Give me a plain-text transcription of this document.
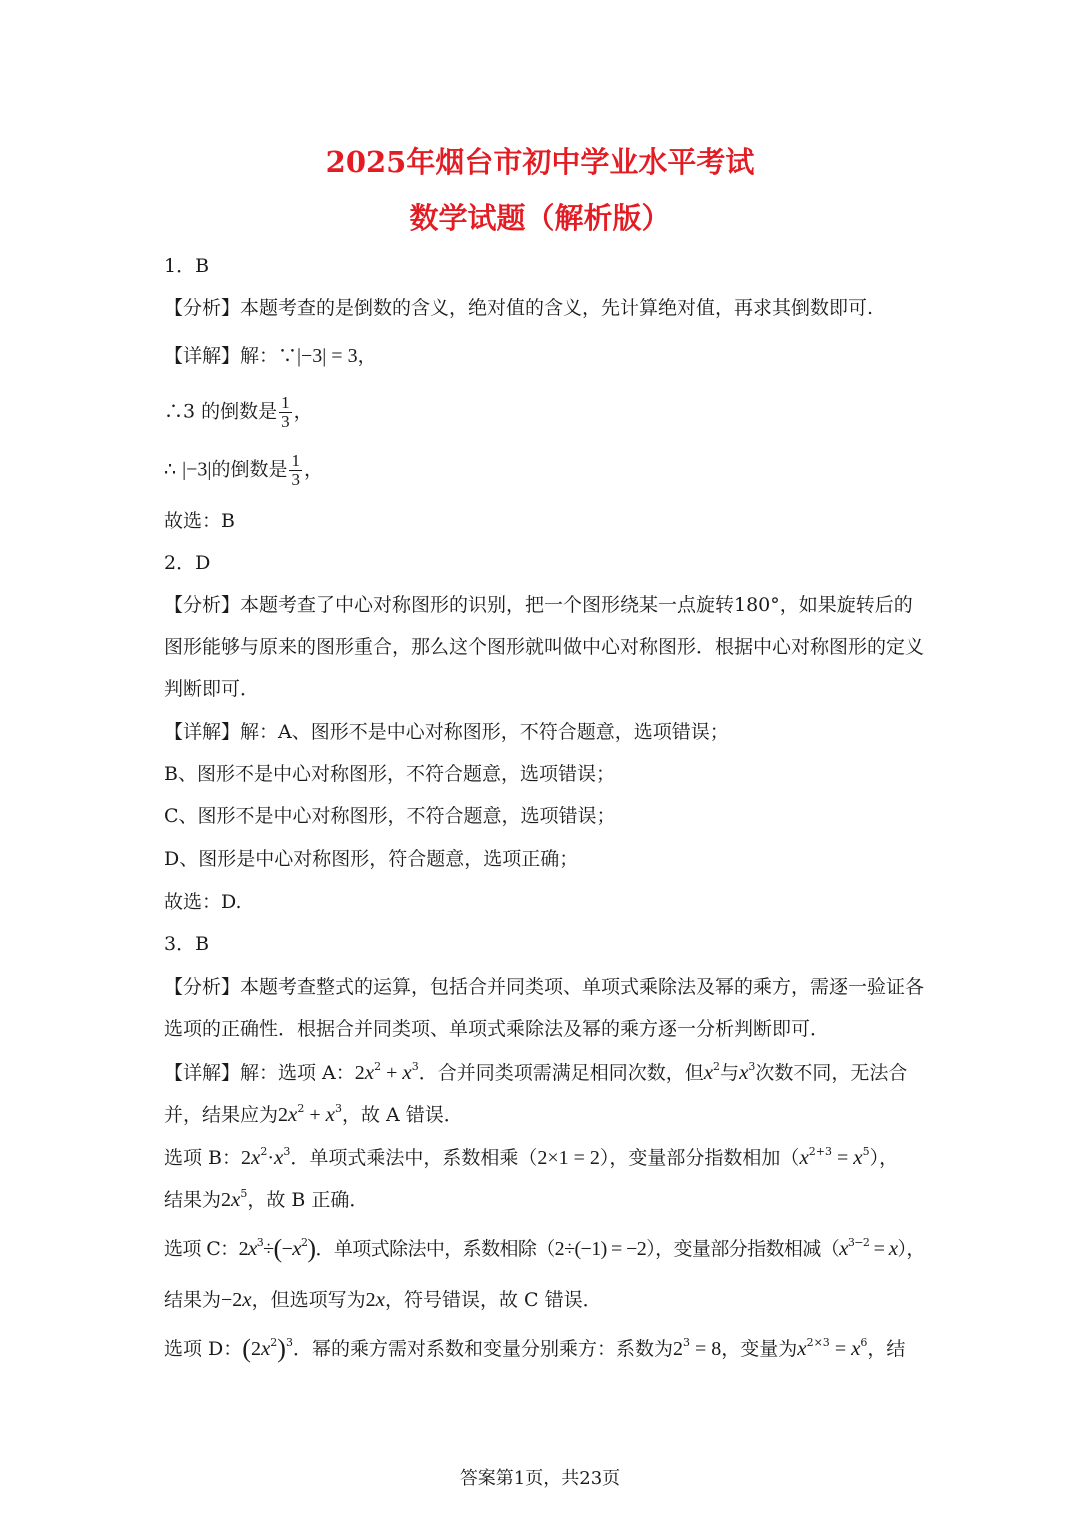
2025年烟台市初中学业水平考试
数学试题（解析版）
1．B
【分析】本题考查的是倒数的含义，绝对值的含义，先计算绝对值，再求其倒数即可.
【详解】解：∵|−3| = 3，
∴3 的倒数是 $\frac{1}{3}$ ，
∴ |−3|的倒数是 $\frac{1}{3}$ ，
故选：B
2．D
【分析】本题考查了中心对称图形的识别，把一个图形绕某一点旋转180°，如果旋转后的
图形能够与原来的图形重合，那么这个图形就叫做中心对称图形．根据中心对称图形的定义
判断即可．
【详解】解：A、图形不是中心对称图形，不符合题意，选项错误；
B、图形不是中心对称图形，不符合题意，选项错误；
C、图形不是中心对称图形，不符合题意，选项错误；
D、图形是中心对称图形，符合题意，选项正确；
故选：D.
3．B
【分析】本题考查整式的运算，包括合并同类项、单项式乘除法及幂的乘方，需逐一验证各
选项的正确性．根据合并同类项、单项式乘除法及幂的乘方逐一分析判断即可．
【详解】解：选项 A：$2x^2 + x^3$．合并同类项需满足相同次数，但$x^2$与$x^3$次数不同，无法合
并，结果应为$2x^2 + x^3$，故 A 错误．
选项 B：$2x^2\cdot x^3$．单项式乘法中，系数相乘（2×1 = 2），变量部分指数相加$(x^{2+3} = x^5)$，
结果为$2x^5$，故 B 正确．
选项 C：$2x^3\div(-x^2)$．单项式除法中，系数相除（2÷(−1) = −2），变量部分指数相减$(x^{3-2} = x)$，
结果为−2x，但选项写为2x，符号错误，故 C 错误．
选项 D：$(2x^2)^3$．幂的乘方需对系数和变量分别乘方：系数为$2^3 = 8$，变量为$x^{2\times 3} = x^6$，结
答案第1页，共23页
